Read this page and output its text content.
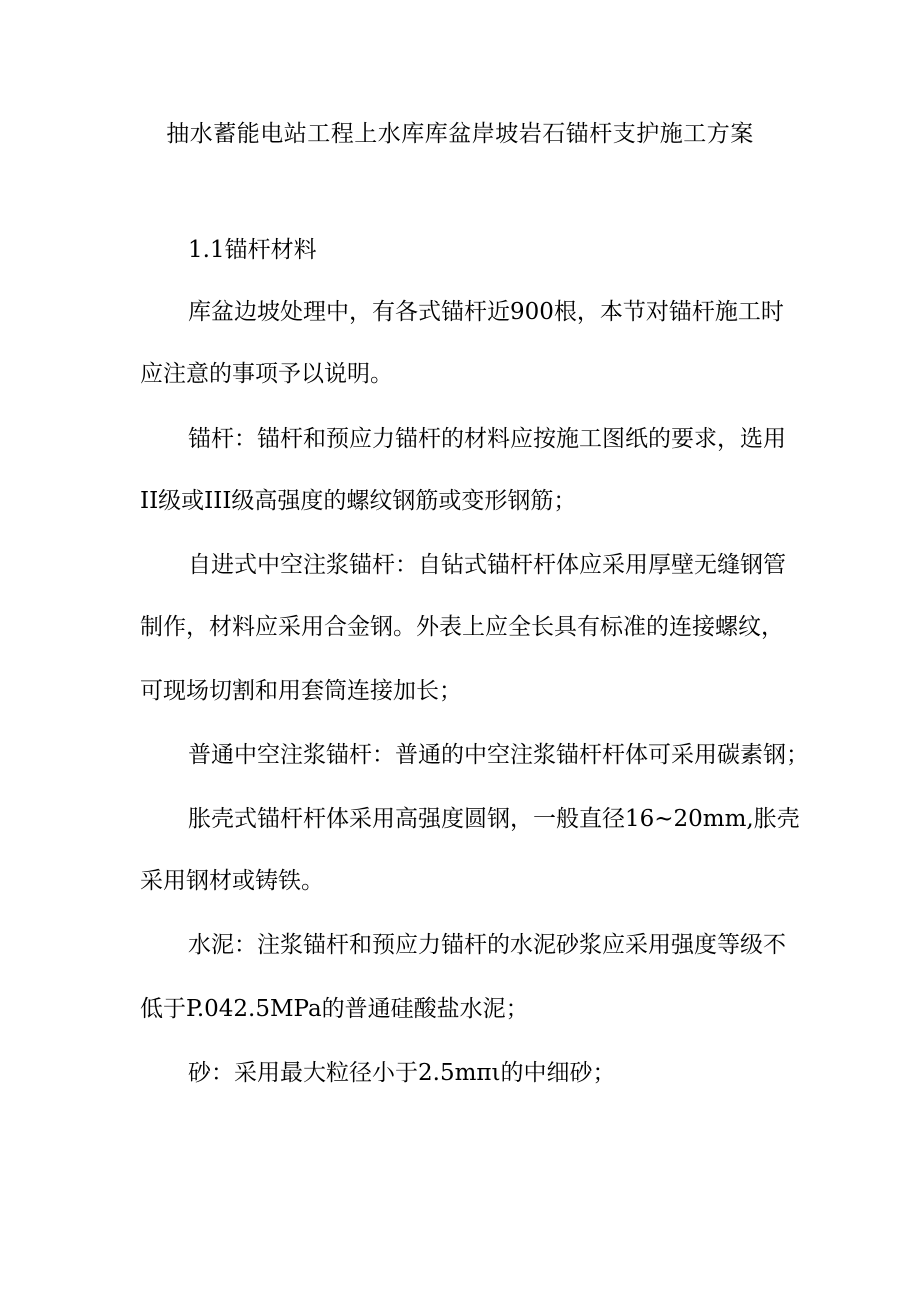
抽水蓄能电站工程上水库库盆岸坡岩石锚杆支护施工方案
1.1锚杆材料
库盆边坡处理中，有各式锚杆近900根，本节对锚杆施工时
应注意的事项予以说明。
锚杆：锚杆和预应力锚杆的材料应按施工图纸的要求，选用
II级或III级高强度的螺纹钢筋或变形钢筋；
自进式中空注浆锚杆：自钻式锚杆杆体应采用厚壁无缝钢管
制作，材料应采用合金钢。外表上应全长具有标准的连接螺纹，
可现场切割和用套筒连接加长；
普通中空注浆锚杆：普通的中空注浆锚杆杆体可采用碳素钢；
胀壳式锚杆杆体采用高强度圆钢，一般直径16~20mm,胀壳
采用钢材或铸铁。
水泥：注浆锚杆和预应力锚杆的水泥砂浆应采用强度等级不
低于P.042.5MPa的普通硅酸盐水泥；
砂：采用最大粒径小于2.5mπι的中细砂；
